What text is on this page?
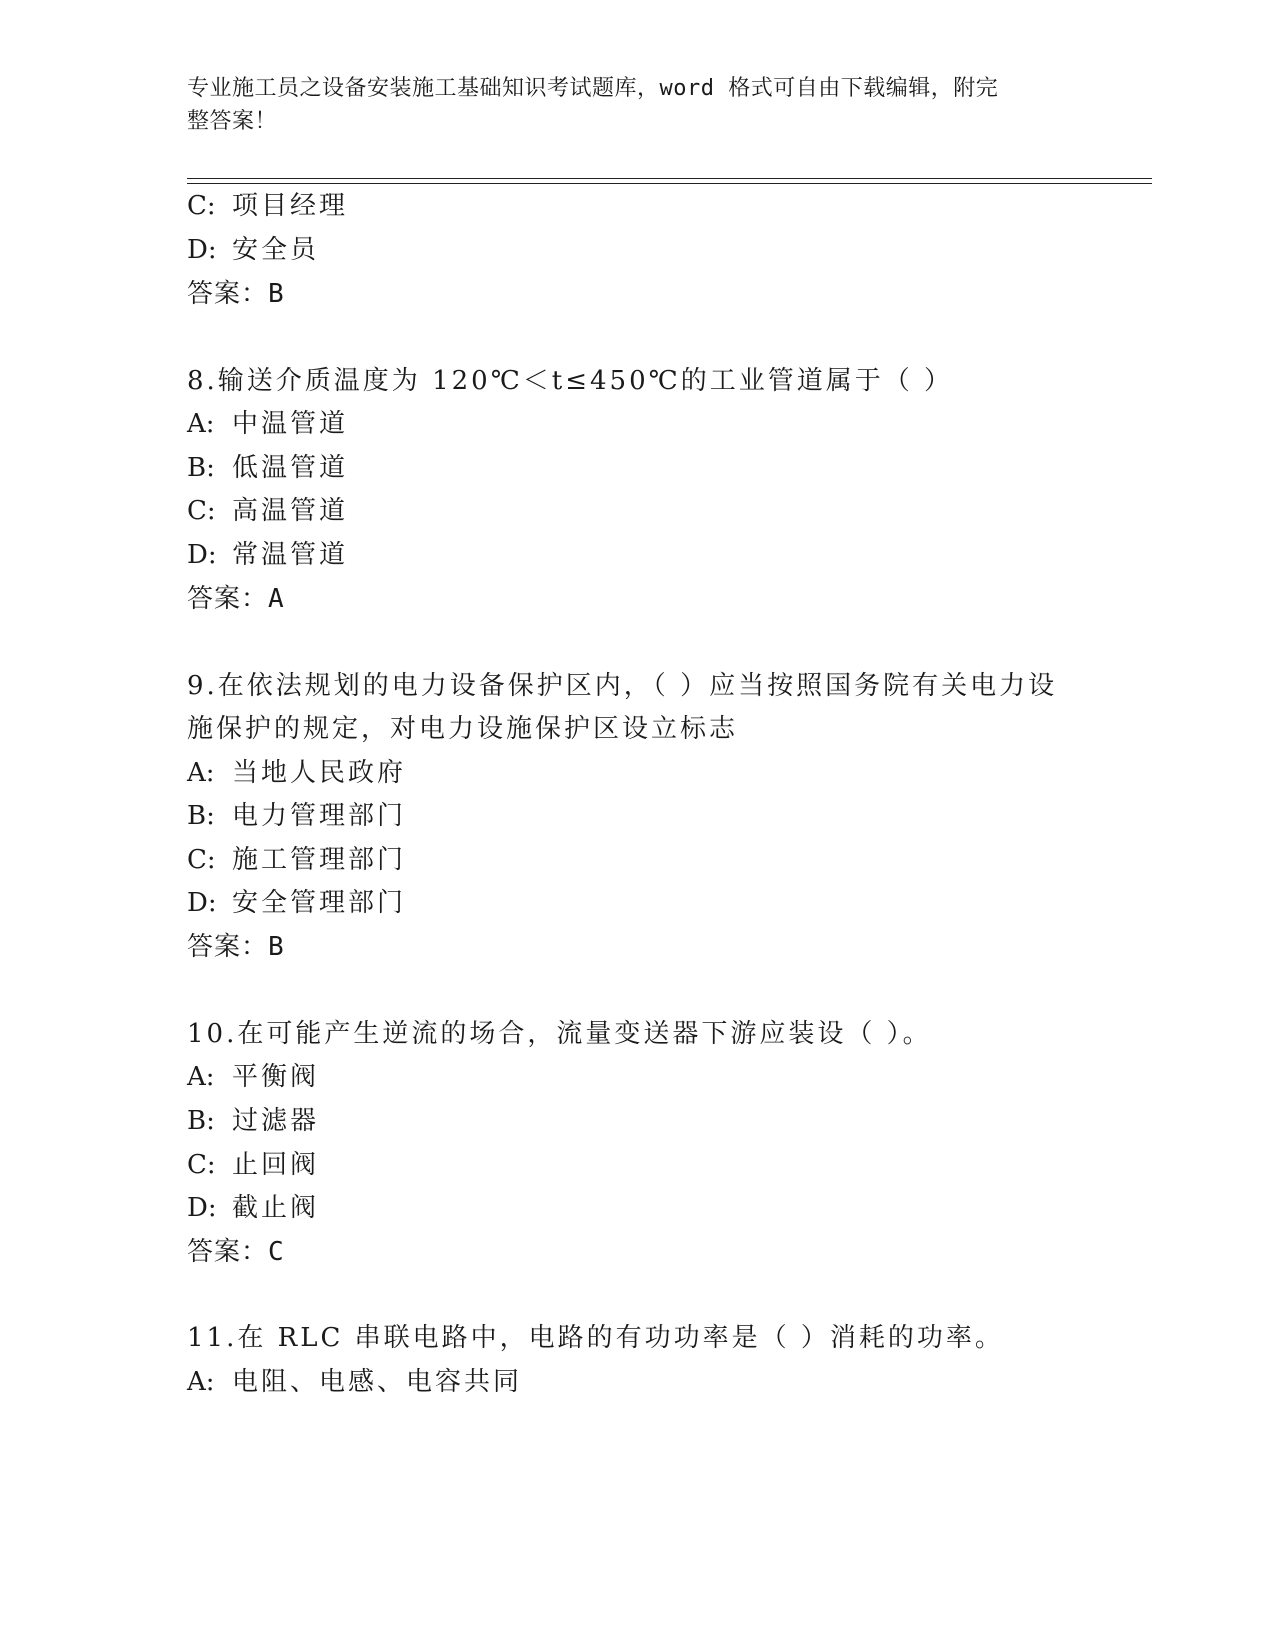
专业施工员之设备安装施工基础知识考试题库，word 格式可自由下载编辑，附完
整答案！
C: 项目经理
D: 安全员
答案：B
8.输送介质温度为 120℃＜t≤450℃的工业管道属于（ ）
A: 中温管道
B: 低温管道
C: 高温管道
D: 常温管道
答案：A
9.在依法规划的电力设备保护区内，（ ）应当按照国务院有关电力设
施保护的规定，对电力设施保护区设立标志
A: 当地人民政府
B: 电力管理部门
C: 施工管理部门
D: 安全管理部门
答案：B
10.在可能产生逆流的场合，流量变送器下游应装设（ ）。
A: 平衡阀
B: 过滤器
C: 止回阀
D: 截止阀
答案：C
11.在 RLC 串联电路中，电路的有功功率是（ ）消耗的功率。
A: 电阻、电感、电容共同
